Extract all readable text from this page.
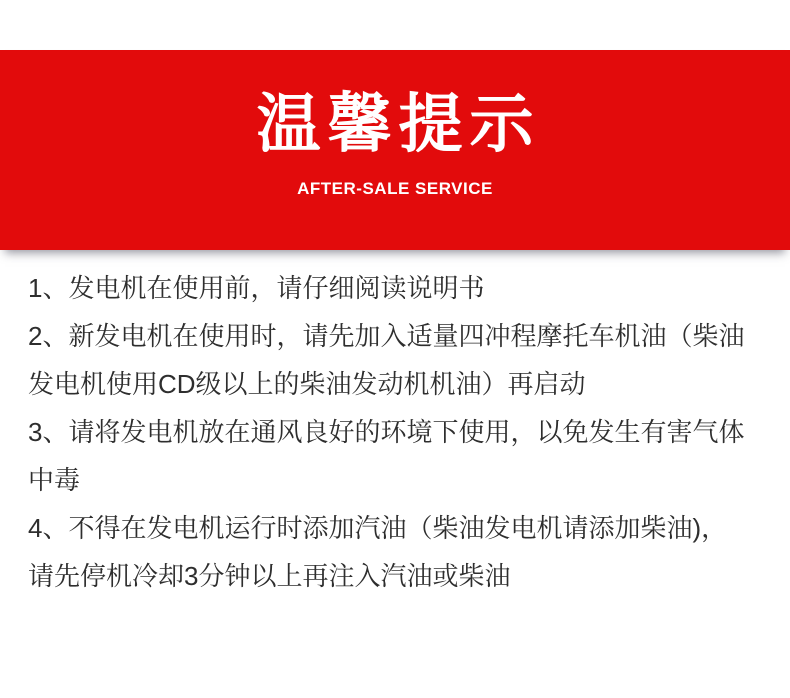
温馨提示
AFTER-SALE SERVICE
1、发电机在使用前，请仔细阅读说明书
2、新发电机在使用时，请先加入适量四冲程摩托车机油（柴油
发电机使用CD级以上的柴油发动机机油）再启动
3、请将发电机放在通风良好的环境下使用，以免发生有害气体
中毒
4、不得在发电机运行时添加汽油（柴油发电机请添加柴油)，
请先停机冷却3分钟以上再注入汽油或柴油
